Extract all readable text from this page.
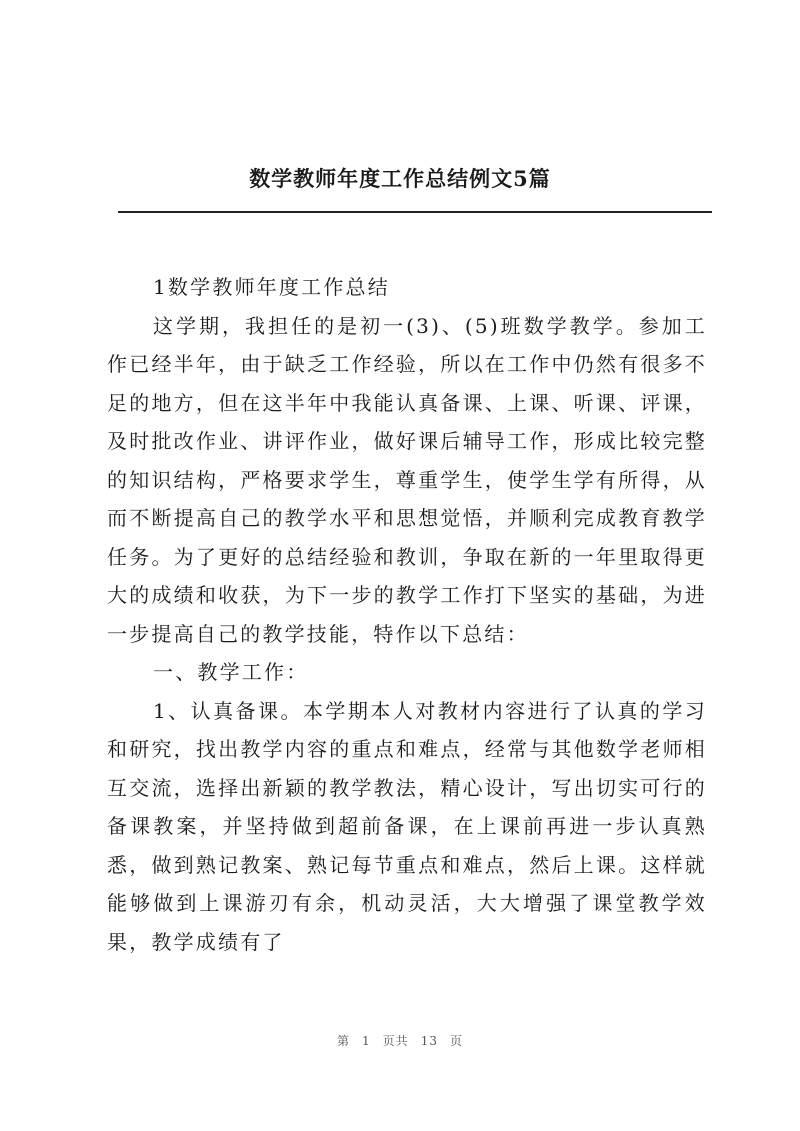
数学教师年度工作总结例文5篇

1数学教师年度工作总结

这学期，我担任的是初一(3)、(5)班数学教学。参加工作已经半年，由于缺乏工作经验，所以在工作中仍然有很多不足的地方，但在这半年中我能认真备课、上课、听课、评课，及时批改作业、讲评作业，做好课后辅导工作，形成比较完整的知识结构，严格要求学生，尊重学生，使学生学有所得，从而不断提高自己的教学水平和思想觉悟，并顺利完成教育教学任务。为了更好的总结经验和教训，争取在新的一年里取得更大的成绩和收获，为下一步的教学工作打下坚实的基础，为进一步提高自己的教学技能，特作以下总结：

一、教学工作：

1、认真备课。本学期本人对教材内容进行了认真的学习和研究，找出教学内容的重点和难点，经常与其他数学老师相互交流，选择出新颖的教学教法，精心设计，写出切实可行的备课教案，并坚持做到超前备课，在上课前再进一步认真熟悉，做到熟记教案、熟记每节重点和难点，然后上课。这样就能够做到上课游刃有余，机动灵活，大大增强了课堂教学效果，教学成绩有了

第 1 页共 13 页
